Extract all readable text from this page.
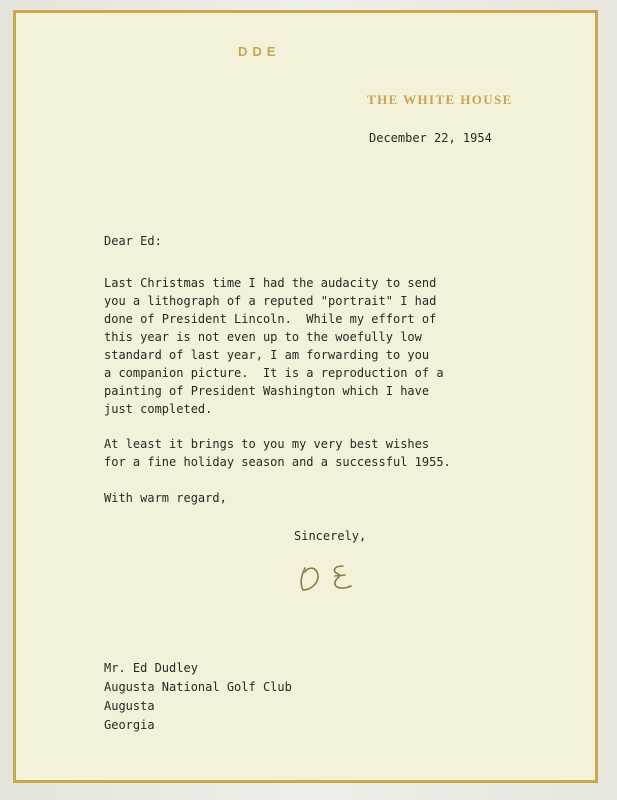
DDE

THE WHITE HOUSE

December 22, 1954

Dear Ed:

Last Christmas time I had the audacity to send

you a lithograph of a reputed "portrait" I had

done of President Lincoln.  While my effort of

this year is not even up to the woefully low

standard of last year, I am forwarding to you

a companion picture.  It is a reproduction of a

painting of President Washington which I have

just completed.

At least it brings to you my very best wishes

for a fine holiday season and a successful 1955.

With warm regard,

Sincerely,

Mr. Ed Dudley

Augusta National Golf Club

Augusta

Georgia
